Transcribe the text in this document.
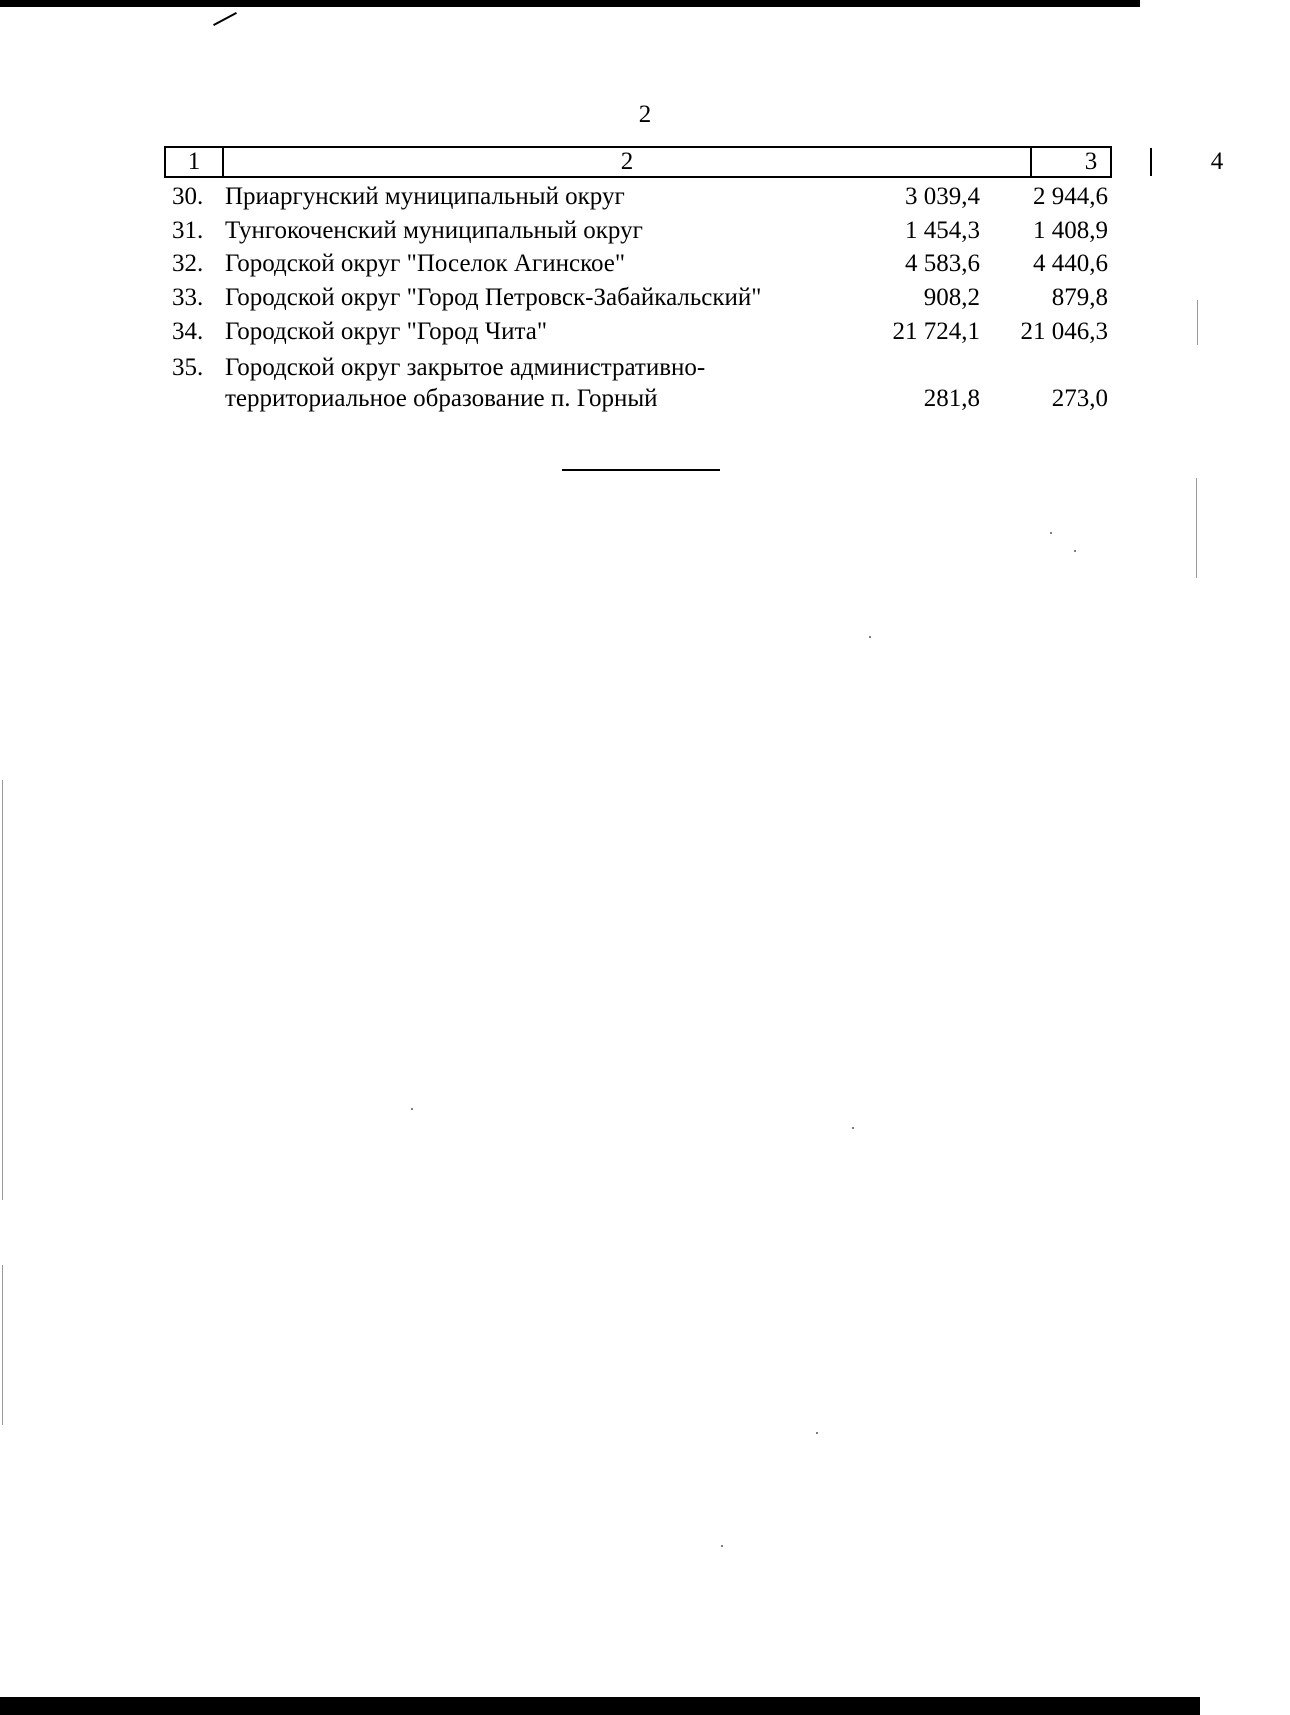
2
1	2	3	4
30. Приаргунский муниципальный округ	3 039,4	2 944,6
31. Тунгокоченский муниципальный округ	1 454,3	1 408,9
32. Городской округ "Поселок Агинское"	4 583,6	4 440,6
33. Городской округ "Город Петровск-Забайкальский"	908,2	879,8
34. Городской округ "Город Чита"	21 724,1	21 046,3
35. Городской округ закрытое административно-
территориальное образование п. Горный	281,8	273,0
